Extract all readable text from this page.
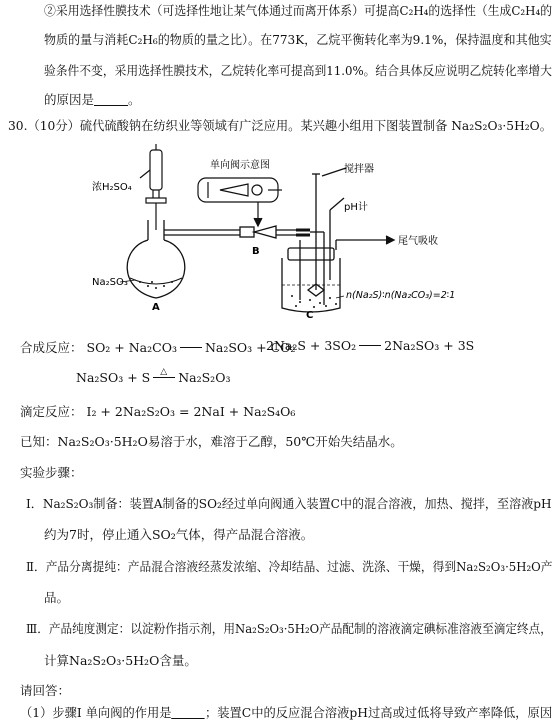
②采用选择性膜技术（可选择性地让某气体通过而离开体系）可提高C₂H₄的选择性（生成C₂H₄的
物质的量与消耗C₂H₆的物质的量之比）。在773K，乙烷平衡转化率为9.1%，保持温度和其他实
验条件不变，采用选择性膜技术，乙烷转化率可提高到11.0%。结合具体反应说明乙烷转化率增大
的原因是	。
30.（10分）硫代硫酸钠在纺织业等领域有广泛应用。某兴趣小组用下图装置制备 Na₂S₂O₃·5H₂O。
浓H₂SO₄
Na₂SO₃
A
B
单向阀示意图	搅拌器
pH计
尾气吸收
n(Na₂S)∶n(Na₂CO₃)=2∶1
C
合成反应： SO₂ + Na₂CO₃ Na₂SO₃ + CO₂
2Na₂S + 3SO₂ 2Na₂SO₃ + 3S
Na₂SO₃ + S △ Na₂S₂O₃
滴定反应： I₂ + 2Na₂S₂O₃ = 2NaI + Na₂S₄O₆
已知：Na₂S₂O₃·5H₂O易溶于水，难溶于乙醇，50℃开始失结晶水。
实验步骤：
Ⅰ．Na₂S₂O₃制备：装置A制备的SO₂经过单向阀通入装置C中的混合溶液，加热、搅拌，至溶液pH
约为7时，停止通入SO₂气体，得产品混合溶液。
Ⅱ．产品分离提纯：产品混合溶液经蒸发浓缩、冷却结晶、过滤、洗涤、干燥，得到Na₂S₂O₃·5H₂O产
品。
Ⅲ．产品纯度测定：以淀粉作指示剂，用Na₂S₂O₃·5H₂O产品配制的溶液滴定碘标准溶液至滴定终点，
计算Na₂S₂O₃·5H₂O含量。
请回答：
（1）步骤Ⅰ 单向阀的作用是	；装置C中的反应混合溶液pH过高或过低将导致产率降低，原因
